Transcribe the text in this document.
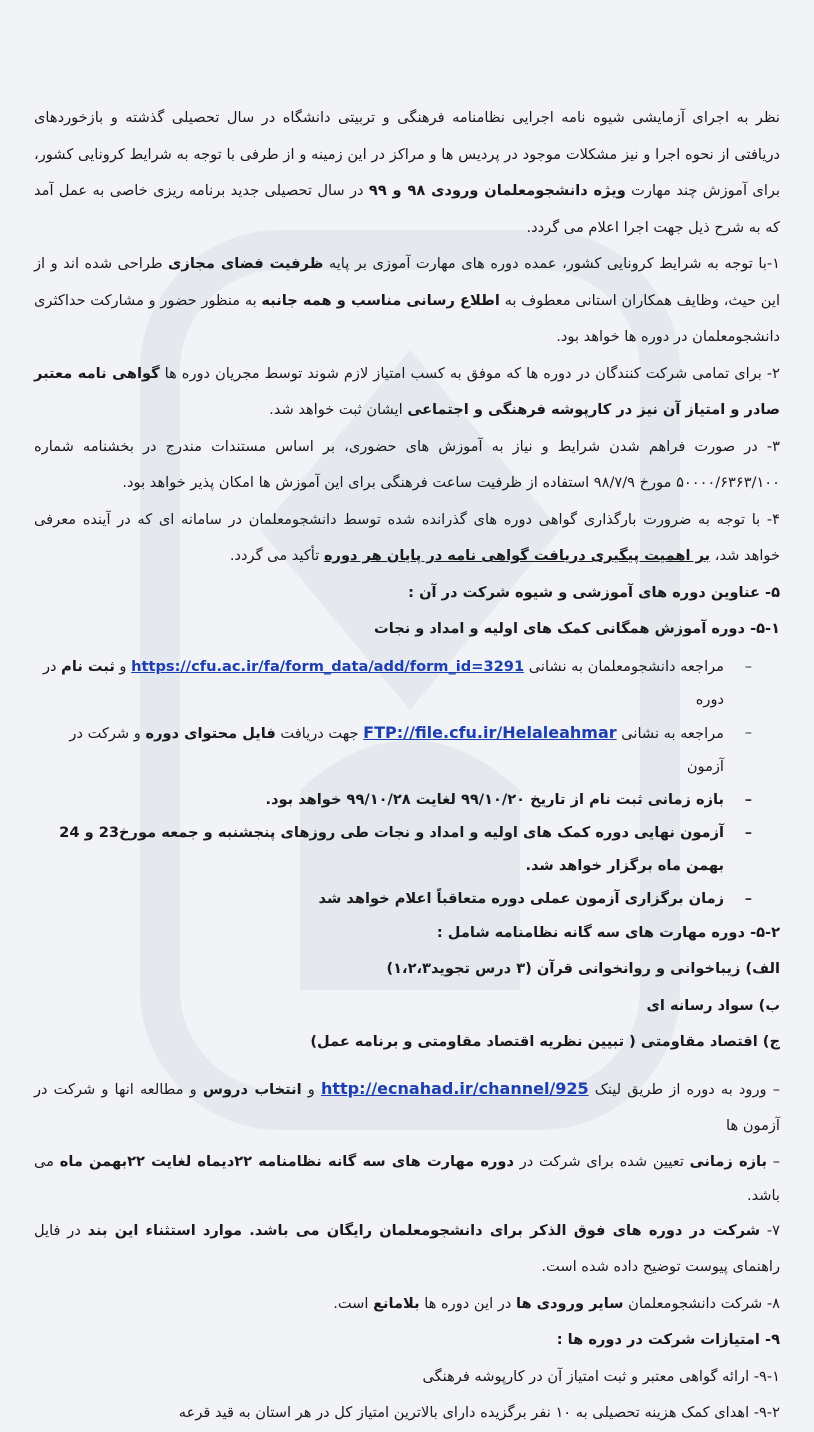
نظر به اجرای آزمایشی شیوه نامه اجرایی نظامنامه فرهنگی و تربیتی دانشگاه در سال تحصیلی گذشته و بازخوردهای دریافتی از نحوه اجرا و نیز مشکلات موجود در پردیس ها و مراکز در این زمینه و از طرفی با توجه به شرایط کرونایی کشور، برای آموزش چند مهارت ویژه دانشجومعلمان ورودی ۹۸ و ۹۹ در سال تحصیلی جدید برنامه ریزی خاصی به عمل آمد که به شرح ذیل جهت اجرا اعلام می گردد.

۱-با توجه به شرایط کرونایی کشور، عمده دوره های مهارت آموزی بر پایه ظرفیت فضای مجازی طراحی شده اند و از این حیث، وظایف همکاران استانی معطوف به اطلاع رسانی مناسب و همه جانبه به منظور حضور و مشارکت حداکثری دانشجومعلمان در دوره ها خواهد بود.

۲- برای تمامی شرکت کنندگان در دوره ها که موفق به کسب امتیاز لازم شوند توسط مجریان دوره ها گواهی نامه معتبر صادر و امتیاز آن نیز در کارپوشه فرهنگی و اجتماعی ایشان ثبت خواهد شد.

۳- در صورت فراهم شدن شرایط و نیاز به آموزش های حضوری، بر اساس مستندات مندرج در بخشنامه شماره ۵۰۰۰۰/۶۳۶۳/۱۰۰ مورخ ۹۸/۷/۹ استفاده از ظرفیت ساعت فرهنگی برای این آموزش ها امکان پذیر خواهد بود.

۴- با توجه به ضرورت بارگذاری گواهی دوره های گذرانده شده توسط دانشجومعلمان در سامانه ای که در آینده معرفی خواهد شد، بر اهمیت پیگیری دریافت گواهی نامه در پایان هر دوره تأکید می گردد.

۵- عناوین دوره های آموزشی و شیوه شرکت در آن :

۵-۱- دوره آموزش همگانی کمک های اولیه و امداد و نجات

– مراجعه دانشجومعلمان به نشانی https://cfu.ac.ir/fa/form_data/add/form_id=3291 و ثبت نام در دوره
– مراجعه به نشانی FTP://file.cfu.ir/Helaleahmar جهت دریافت فایل محتوای دوره و شرکت در آزمون
– بازه زمانی ثبت نام از تاریخ ۹۹/۱۰/۲۰ لغایت ۹۹/۱۰/۲۸ خواهد بود.
– آزمون نهایی دوره کمک های اولیه و امداد و نجات طی روزهای پنجشنبه و جمعه مورخ23 و 24 بهمن ماه برگزار خواهد شد.
– زمان برگزاری آزمون عملی دوره متعاقباً اعلام خواهد شد

۵-۲- دوره مهارت های سه گانه نظامنامه شامل :

الف) زیباخوانی و روانخوانی قرآن (۳ درس تجوید۱،۲،۳)

ب) سواد رسانه ای

ج) اقتصاد مقاومتی ( تبیین نظریه اقتصاد مقاومتی و برنامه عمل)

– ورود به دوره از طریق لینک http://ecnahad.ir/channel/925 و انتخاب دروس و مطالعه انها و شرکت در آزمون ها

– بازه زمانی تعیین شده برای شرکت در دوره مهارت های سه گانه نظامنامه ۲۲دیماه لغایت ۲۲بهمن ماه می باشد.

۷- شرکت در دوره های فوق الذکر برای دانشجومعلمان رایگان می باشد. موارد استثناء این بند در فایل راهنمای پیوست توضیح داده شده است.

۸- شرکت دانشجومعلمان سایر ورودی ها در این دوره ها بلامانع است.

۹- امتیازات شرکت در دوره ها :

۹-۱- ارائه گواهی معتبر و ثبت امتیاز آن در کارپوشه فرهنگی

۹-۲- اهدای کمک هزینه تحصیلی به ۱۰ نفر برگزیده دارای بالاترین امتیاز کل در هر استان به قید قرعه
